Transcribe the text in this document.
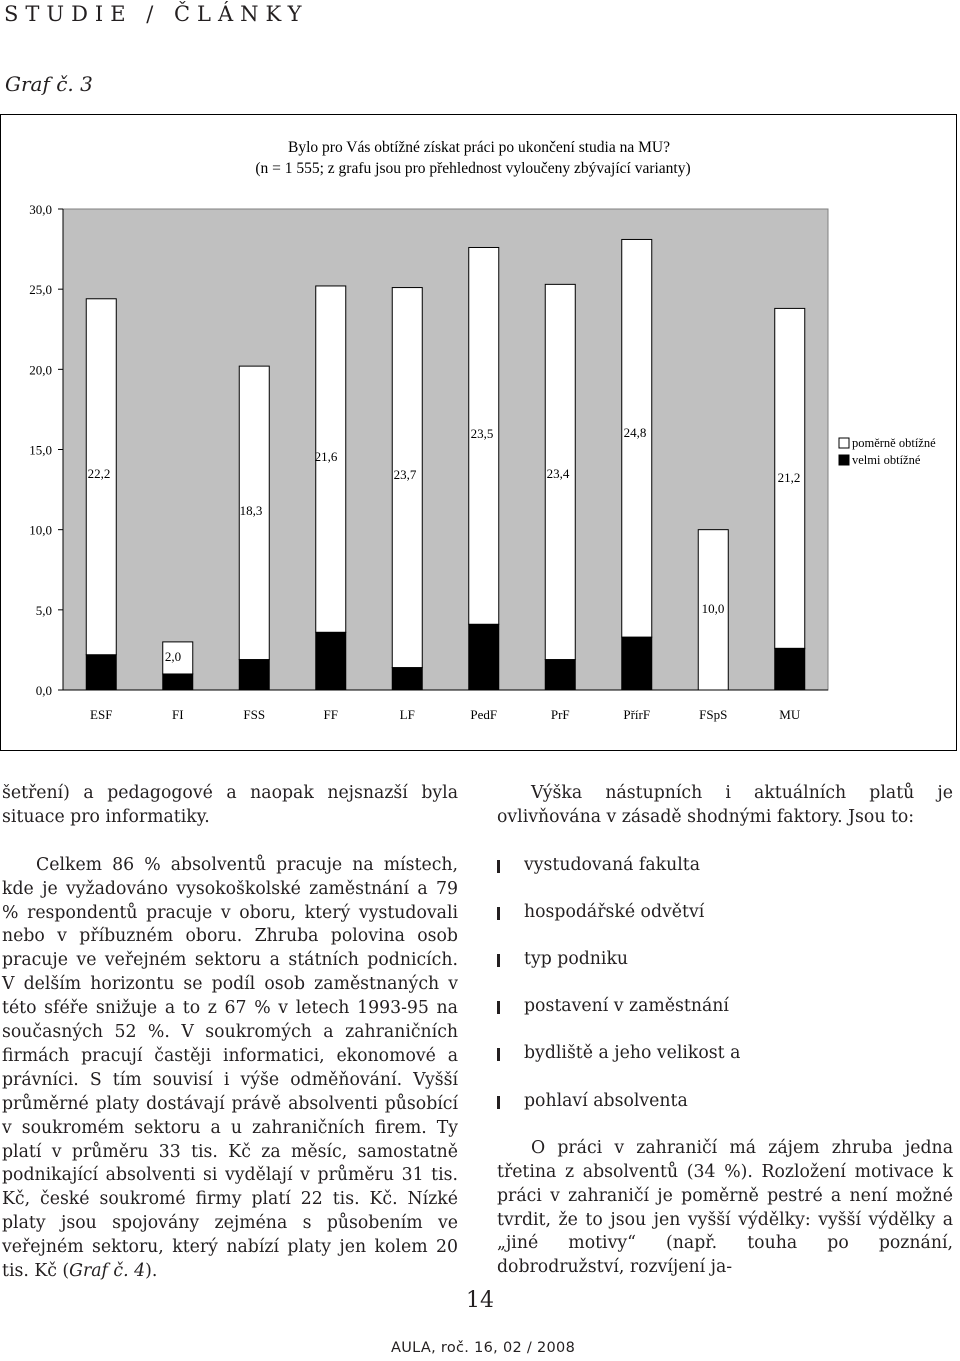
STUDIE / ČLÁNKY
Graf č. 3
Bylo pro Vás obtížné získat práci po ukončení studia na MU?
(n = 1 555; z grafu jsou pro přehlednost vyloučeny zbývající varianty)
0,0
5,0
10,0
15,0
20,0
25,0
30,0
ESF	FI	FSS	FF	LF	PedF	PrF	PřírF	FSpS	MU
22,2
2,0
18,3
21,6
23,7
23,5
23,4
24,8
10,0
21,2
2,2
1,0
1,9
3,6
1,4
4,1
1,9
3,3	2,6
poměrně obtížné
velmi obtížné

šetření) a pedagogové a naopak nejsnazší byla situace pro informatiky.

Celkem 86 % absolventů pracuje na místech, kde je vyžadováno vysokoškolské zaměstnání a 79 % respondentů pracuje v oboru, který vystudovali nebo v příbuzném oboru. Zhruba polovina osob pracuje ve veřejném sektoru a státních podnicích. V delším horizontu se podíl osob zaměstnaných v této sféře snižuje a to z 67 % v letech 1993-95 na současných 52 %. V soukromých a zahraničních firmách pracují častěji informatici, ekonomové a právníci. S tím souvisí i výše odměňování. Vyšší průměrné platy dostávají právě absolventi působící v soukromém sektoru a u zahraničních firem. Ty platí v průměru 33 tis. Kč za měsíc, samostatně podnikající absolventi si vydělají v průměru 31 tis. Kč, české soukromé firmy platí 22 tis. Kč. Nízké platy jsou spojovány zejména s působením ve veřejném sektoru, který nabízí platy jen kolem 20 tis. Kč (Graf č. 4).

Výška nástupních i aktuálních platů je ovlivňována v zásadě shodnými faktory. Jsou to:

vystudovaná fakulta
hospodářské odvětví
typ podniku
postavení v zaměstnání
bydliště a jeho velikost a
pohlaví absolventa

O práci v zahraničí má zájem zhruba jedna třetina z absolventů (34 %). Rozložení motivace k práci v zahraničí je poměrně pestré a není možné tvrdit, že to jsou jen vyšší výdělky: vyšší výdělky a „jiné motivy“ (např. touha po poznání, dobrodružství, rozvíjení ja-

14
AULA, roč. 16, 02 / 2008
